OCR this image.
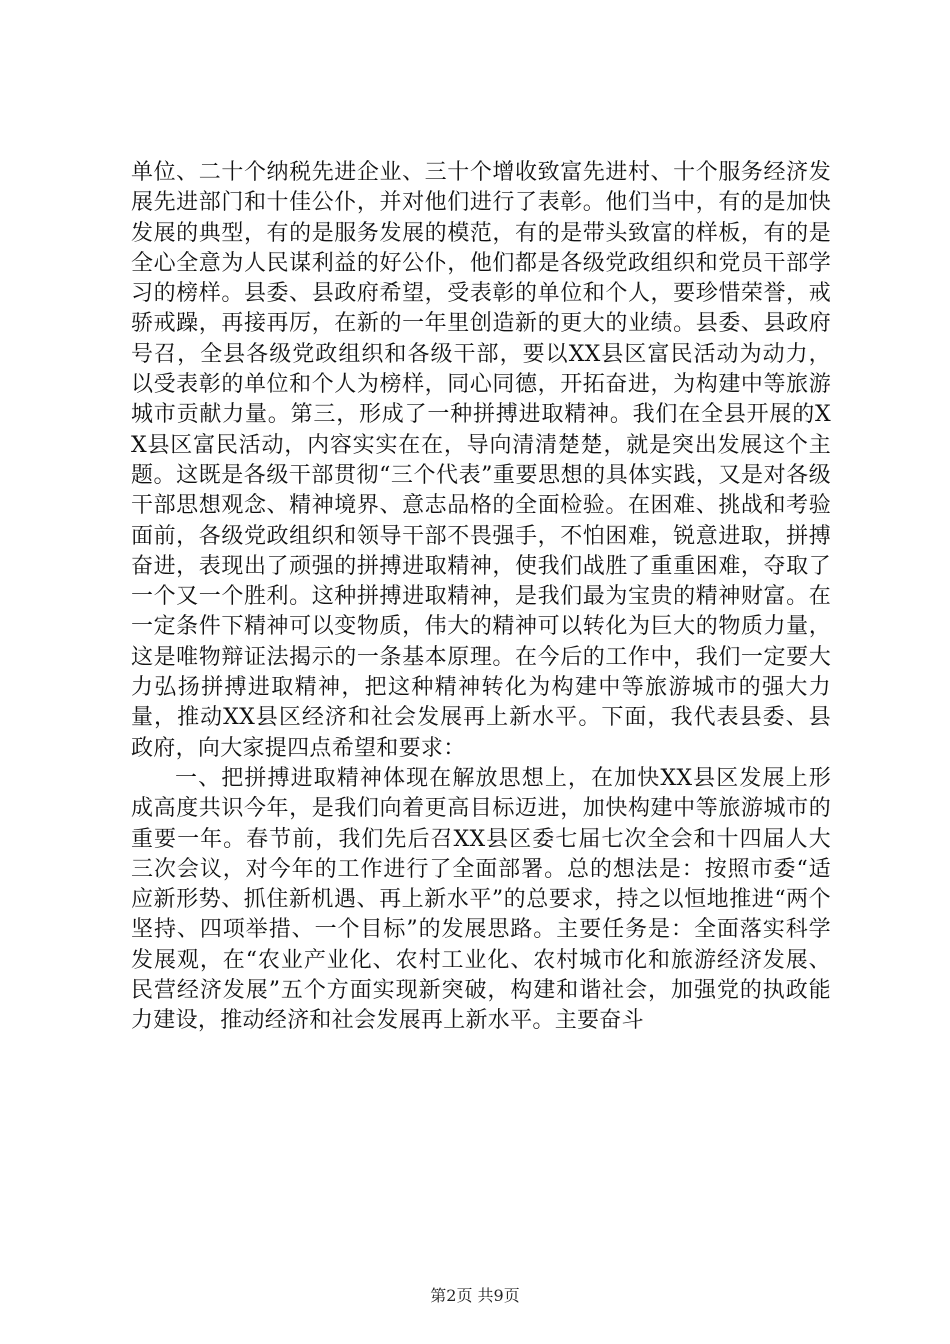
单位、二十个纳税先进企业、三十个增收致富先进村、十个服务经济发展先进部门和十佳公仆，并对他们进行了表彰。他们当中，有的是加快发展的典型，有的是服务发展的模范，有的是带头致富的样板，有的是全心全意为人民谋利益的好公仆，他们都是各级党政组织和党员干部学习的榜样。县委、县政府希望，受表彰的单位和个人，要珍惜荣誉，戒骄戒躁，再接再厉，在新的一年里创造新的更大的业绩。县委、县政府号召，全县各级党政组织和各级干部，要以XX县区富民活动为动力，以受表彰的单位和个人为榜样，同心同德，开拓奋进，为构建中等旅游城市贡献力量。第三，形成了一种拼搏进取精神。我们在全县开展的XX县区富民活动，内容实实在在，导向清清楚楚，就是突出发展这个主题。这既是各级干部贯彻“三个代表”重要思想的具体实践，又是对各级干部思想观念、精神境界、意志品格的全面检验。在困难、挑战和考验面前，各级党政组织和领导干部不畏强手，不怕困难，锐意进取，拼搏奋进，表现出了顽强的拼搏进取精神，使我们战胜了重重困难，夺取了一个又一个胜利。这种拼搏进取精神，是我们最为宝贵的精神财富。在一定条件下精神可以变物质，伟大的精神可以转化为巨大的物质力量，这是唯物辩证法揭示的一条基本原理。在今后的工作中，我们一定要大力弘扬拼搏进取精神，把这种精神转化为构建中等旅游城市的强大力量，推动XX县区经济和社会发展再上新水平。下面，我代表县委、县政府，向大家提四点希望和要求：

一、把拼搏进取精神体现在解放思想上，在加快XX县区发展上形成高度共识今年，是我们向着更高目标迈进，加快构建中等旅游城市的重要一年。春节前，我们先后召XX县区委七届七次全会和十四届人大三次会议，对今年的工作进行了全面部署。总的想法是：按照市委“适应新形势、抓住新机遇、再上新水平”的总要求，持之以恒地推进“两个坚持、四项举措、一个目标”的发展思路。主要任务是：全面落实科学发展观，在“农业产业化、农村工业化、农村城市化和旅游经济发展、民营经济发展”五个方面实现新突破，构建和谐社会，加强党的执政能力建设，推动经济和社会发展再上新水平。主要奋斗

第2页 共9页
